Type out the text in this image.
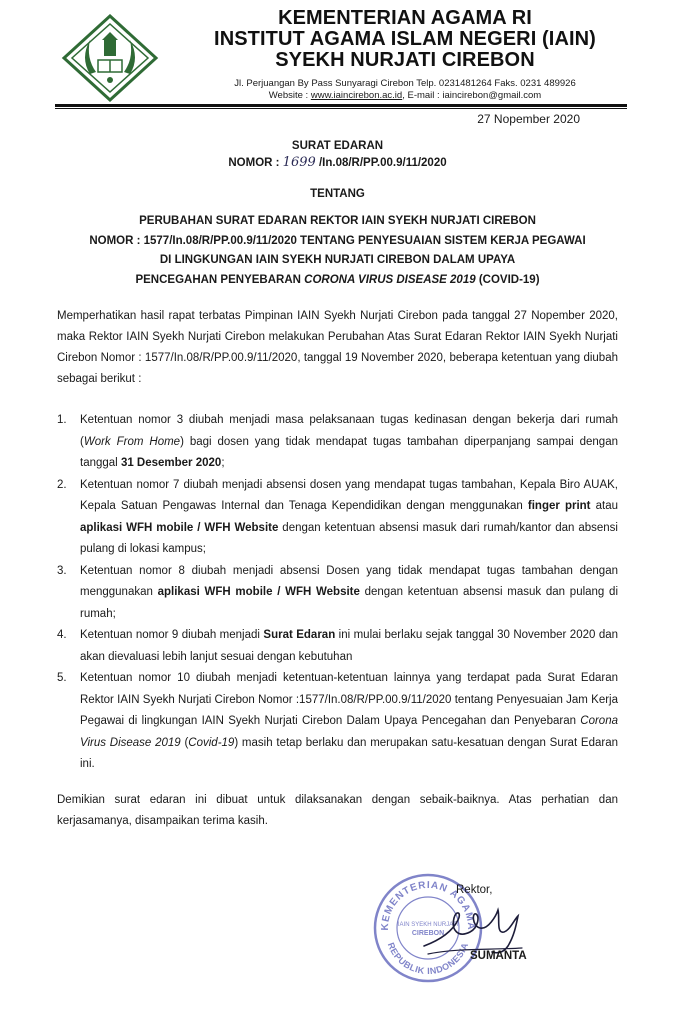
KEMENTERIAN AGAMA RI
INSTITUT AGAMA ISLAM NEGERI (IAIN)
SYEKH NURJATI CIREBON
Jl. Perjuangan By Pass Sunyaragi Cirebon Telp. 0231481264 Faks. 0231 489926
Website : www.iaincirebon.ac.id, E-mail : iaincirebon@gmail.com
27 Nopember 2020
SURAT EDARAN
NOMOR : 1699 /In.08/R/PP.00.9/11/2020
TENTANG
PERUBAHAN SURAT EDARAN REKTOR IAIN SYEKH NURJATI CIREBON
NOMOR : 1577/In.08/R/PP.00.9/11/2020 TENTANG PENYESUAIAN SISTEM KERJA PEGAWAI
DI LINGKUNGAN IAIN SYEKH NURJATI CIREBON DALAM UPAYA
PENCEGAHAN PENYEBARAN CORONA VIRUS DISEASE 2019 (COVID-19)
Memperhatikan hasil rapat terbatas Pimpinan IAIN Syekh Nurjati Cirebon pada tanggal 27 Nopember 2020, maka Rektor IAIN Syekh Nurjati Cirebon melakukan Perubahan Atas Surat Edaran Rektor IAIN Syekh Nurjati Cirebon Nomor : 1577/In.08/R/PP.00.9/11/2020, tanggal 19 November 2020, beberapa ketentuan yang diubah sebagai berikut :
1. Ketentuan nomor 3 diubah menjadi masa pelaksanaan tugas kedinasan dengan bekerja dari rumah (Work From Home) bagi dosen yang tidak mendapat tugas tambahan diperpanjang sampai dengan tanggal 31 Desember 2020;
2. Ketentuan nomor 7 diubah menjadi absensi dosen yang mendapat tugas tambahan, Kepala Biro AUAK, Kepala Satuan Pengawas Internal dan Tenaga Kependidikan dengan menggunakan finger print atau aplikasi WFH mobile / WFH Website dengan ketentuan absensi masuk dari rumah/kantor dan absensi pulang di lokasi kampus;
3. Ketentuan nomor 8 diubah menjadi absensi Dosen yang tidak mendapat tugas tambahan dengan menggunakan aplikasi WFH mobile / WFH Website dengan ketentuan absensi masuk dan pulang di rumah;
4. Ketentuan nomor 9 diubah menjadi Surat Edaran ini mulai berlaku sejak tanggal 30 November 2020 dan akan dievaluasi lebih lanjut sesuai dengan kebutuhan
5. Ketentuan nomor 10 diubah menjadi ketentuan-ketentuan lainnya yang terdapat pada Surat Edaran Rektor IAIN Syekh Nurjati Cirebon Nomor :1577/In.08/R/PP.00.9/11/2020 tentang Penyesuaian Jam Kerja Pegawai di lingkungan IAIN Syekh Nurjati Cirebon Dalam Upaya Pencegahan dan Penyebaran Corona Virus Disease 2019 (Covid-19) masih tetap berlaku dan merupakan satu-kesatuan dengan Surat Edaran ini.
Demikian surat edaran ini dibuat untuk dilaksanakan dengan sebaik-baiknya. Atas perhatian dan kerjasamanya, disampaikan terima kasih.
KEMENTERIAN AGAMA
REPUBLIK INDONESIA
IAIN SYEKH NURJATI
CIREBON
Rektor,
SUMANTA
